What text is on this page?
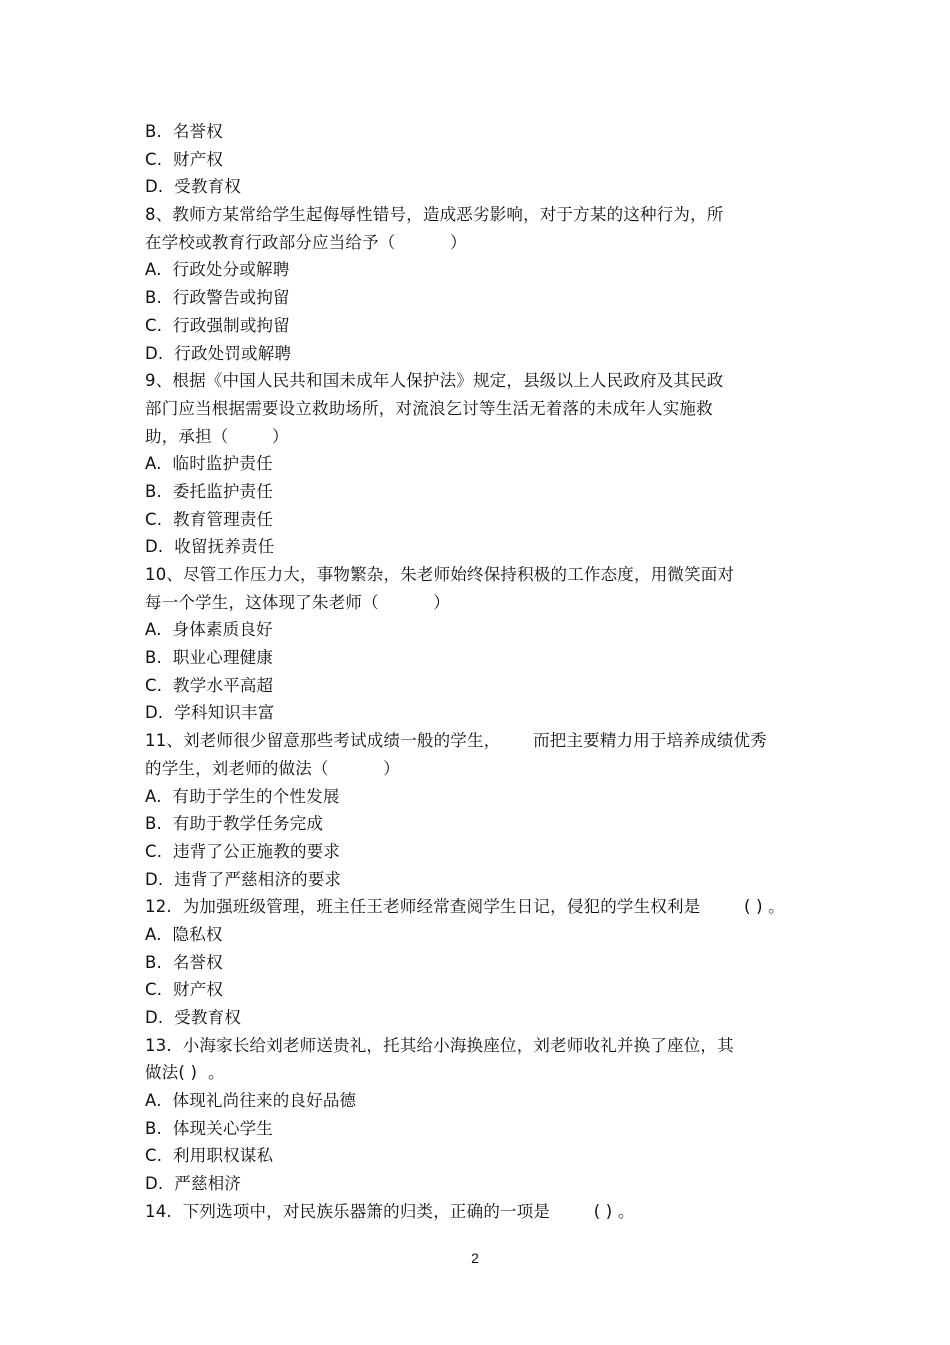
B.  名誉权
C.  财产权
D.  受教育权
8、教师方某常给学生起侮辱性错号，造成恶劣影响，对于方某的这种行为，所
在学校或教育行政部分应当给予（          ）
A.  行政处分或解聘
B.  行政警告或拘留
C.  行政强制或拘留
D.  行政处罚或解聘
9、根据《中国人民共和国未成年人保护法》规定，县级以上人民政府及其民政
部门应当根据需要设立救助场所，对流浪乞讨等生活无着落的未成年人实施救
助，承担（        ）
A.  临时监护责任
B.  委托监护责任
C.  教育管理责任
D.  收留抚养责任
10、尽管工作压力大，事物繁杂，朱老师始终保持积极的工作态度，用微笑面对
每一个学生，这体现了朱老师（          ）
A.  身体素质良好
B.  职业心理健康
C.  教学水平高超
D.  学科知识丰富
11、刘老师很少留意那些考试成绩一般的学生，      而把主要精力用于培养成绩优秀
的学生，刘老师的做法（          ）
A.  有助于学生的个性发展
B.  有助于教学任务完成
C.  违背了公正施教的要求
D.  违背了严慈相济的要求
12.  为加强班级管理，班主任王老师经常查阅学生日记，侵犯的学生权利是        ( ) 。
A.  隐私权
B.  名誉权
C.  财产权
D.  受教育权
13.  小海家长给刘老师送贵礼，托其给小海换座位，刘老师收礼并换了座位，其
做法( )  。
A.  体现礼尚往来的良好品德
B.  体现关心学生
C.  利用职权谋私
D.  严慈相济
14.  下列选项中，对民族乐器箫的归类，正确的一项是        ( ) 。
2
